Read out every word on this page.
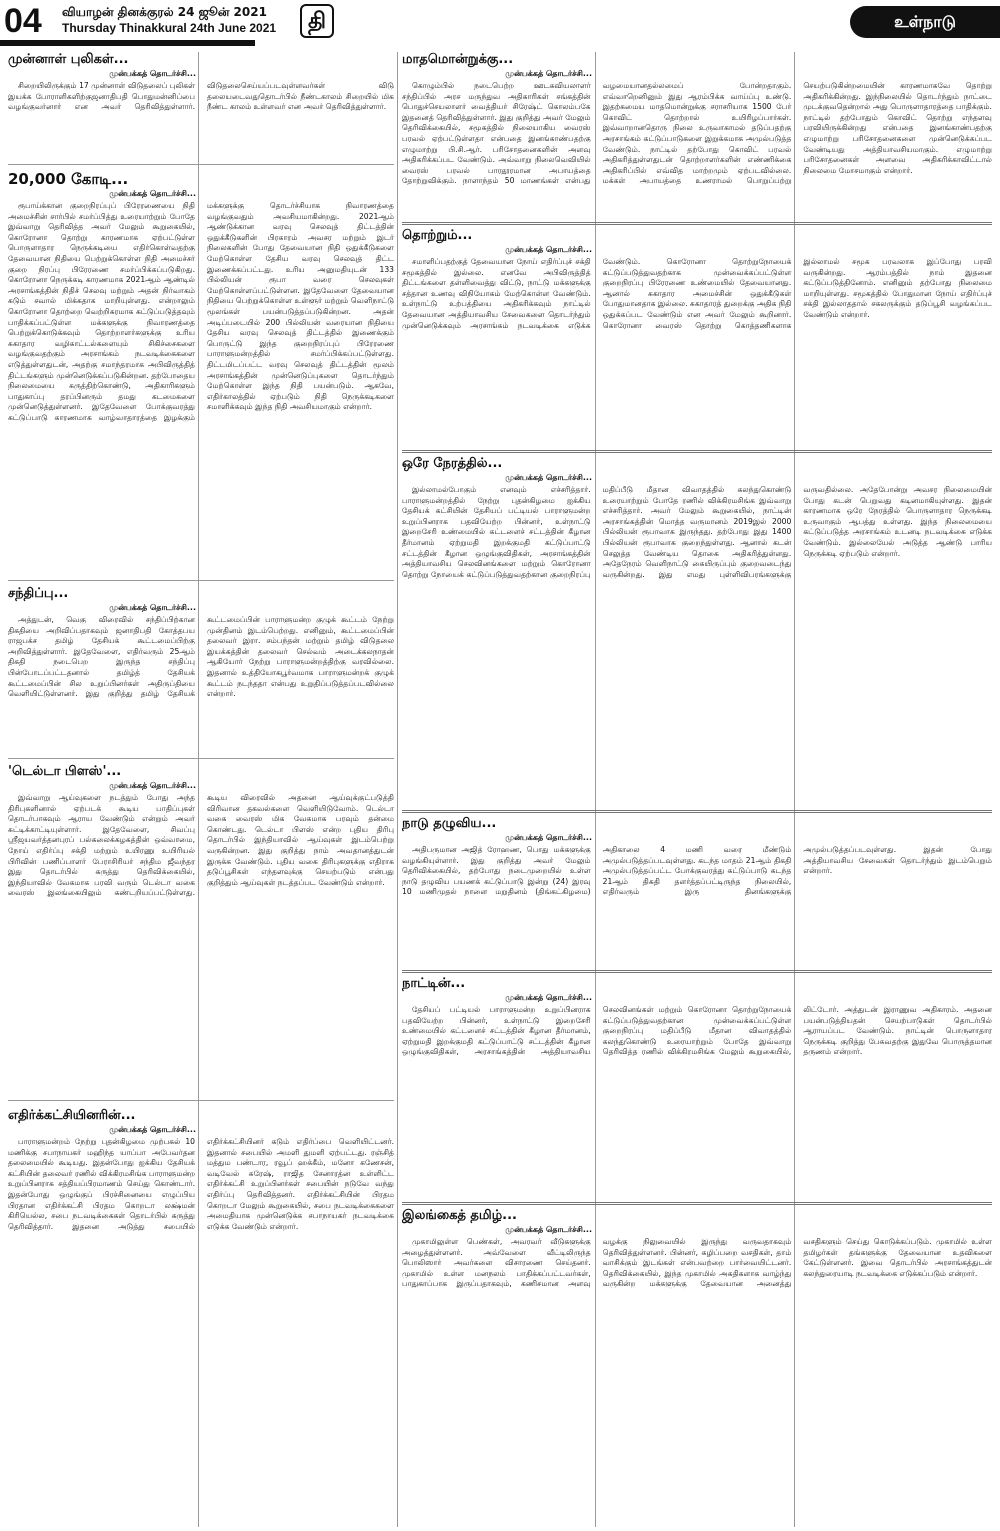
04 வியாழன் தினக்குரல் 24 ஜூன் 2021
Thursday Thinakkural 24th June 2021	தி	உள்நாடு
முன்னாள் புலிகள்...
முன்பக்கத் தொடர்ச்சி...
சிறையிலிருக்கும் 17 முன்னாள் விடுதலைப் புலிகள் இயக்க போராளிகளிற்குஜனாதிபதி பொதுமன்னிப்பை வழங்குவர்னார் என அவர் தெரிவித்துள்ளார். விடுதலைசெய்யப்படவுள்ளவர்கள் விடு தலையடைவதுதொடர்பில் நீண்டகாலம் சிறையில் மிக நீண்ட காலம் உள்ளவர் என அவர் தெரிவித்துள்ளார்.
20,000 கோடி...
முன்பக்கத் தொடர்ச்சி...
ரூபாய்க்கான குறைநிரப்புப் பிரேரணையை நிதி அமைச்சின் சார்பில் சமர்ப்பித்து உரையாற்றும் போதே இவ்வாறு தெரிவித்த அவர் மேலும் கூறுகையில், கொரோனா தொற்று காரணமாக ஏற்பட்டுள்ள பொருளாதார நெருக்கடியை எதிர்கொள்வதற்கு தேவையான நிதியை பெற்றுக்கொள்ள நிதி அமைச்சர் குறை நிரப்பு பிரேரணை சமர்ப்பிக்கப்படுகிறது. கொரோனா நெருக்கடி காரணமாக 2021ஆம் ஆண்டில் அரசாங்கத்தின் நிதிச் செலவு மற்றும் அதன் நிர்வாகம் கடும் சவால் மிக்கதாக மாறியுள்ளது. என்றாலும் கொரோனா தொற்றை வெற்றிகரமாக கட்டுப்படுத்தவும் பாதிக்கப்பட்டுள்ள மக்களுக்கு நிவாரணத்தை பெற்றுக்கொடுக்கவும் தொற்றாளர்களுக்கு உரிய சுகாதார வழிகாட்டல்களையும் சிகிச்சைகளை வழங்குவதற்கும் அரசாங்கம் நடவடிக்கைகளை எடுத்துள்ளதுடன், அதற்கு சமாந்தரமாக அபிவிருத்தித் திட்டங்களும் முன்னெடுக்கப்படுகின்றன. தற்போதைய நிலைமையை கருத்திற்கொண்டு, அதிகாரிகளும் பாதுகாப்பு தரப்பினரும் தமது கடமைகளை முன்னெடுத்துள்ளனர். இதேவேளை போக்குவரத்து கட்டுப்பாடு காரணமாக வாழ்வாதாரத்தை இழக்கும் மக்களுக்கு தொடர்ச்சியாக நிவாரணத்தை வழங்குவதும் அவசியமாகின்றது. 2021ஆம் ஆண்டுக்கான வரவு செலவுத் திட்டத்தின் ஒதுக்கீடுகளின் பிரகாரம் அவசர மற்றும் இடர் நிலைகளின் போது தேவையான நிதி ஒதுக்கீடுகளை மேற்கொள்ள தேசிய வரவு செலவுத் திட்ட இணைக்கப்பட்டது. உரிய அனுமதியுடன் 133 பில்லியன் ரூபா வரை செலவுகள் மேற்கொள்ளப்பட்டுள்ளன. இதேவேளை தேவையான நிதியை பெற்றுக்கொள்ள உள்ளூர் மற்றும் வெளிநாட்டு மூலங்கள் பயன்படுத்தப்படுகின்றன. அதன் அடிப்படையில் 200 பில்லியன் வரையான நிதியை தேசிய வரவு செலவுத் திட்டத்தில் இணைக்கும் பொருட்டு இந்த குறைநிரப்புப் பிரேரணை பாராளுமன்றத்தில் சமர்ப்பிக்கப்பட்டுள்ளது. திட்டமிடப்பட்ட வரவு செலவுத் திட்டத்தின் மூலம் அரசாங்கத்தின் முன்னெடுப்புகளை தொடர்ந்தும் மேற்கொள்ள இந்த நிதி பயன்படும். ஆகவே, எதிர்காலத்தில் ஏற்படும் நிதி நெருக்கடிகளை சமாளிக்கவும் இந்த நிதி அவசியமாகும் என்றார்.
சந்திப்பு...
முன்பக்கத் தொடர்ச்சி...
அத்துடன், வெகு விரைவில் சந்திப்பிற்கான திகதியை அறிவிப்பதாகவும் ஜனாதிபதி கோத்தபய ராஜபக்ச தமிழ் தேசியக் கூட்டமைப்பிற்கு அறிவித்துள்ளார். இதேவேளை, எதிர்வரும் 25ஆம் திகதி நடைபெற இருந்த சந்திப்பு பின்போடப்பட்டதனால் தமிழ்த் தேசியக் கூட்டமைப்பின் சில உறுப்பினர்கள் அதிருப்தியை வெளியிட்டுள்ளனர். இது குறித்து தமிழ் தேசியக் கூட்டமைப்பின் பாராளுமன்ற குழுக் கூட்டம் நேற்று முன்தினம் இடம்பெற்றது. எனினும், கூட்டமைப்பின் தலைவர் இரா. சம்பந்தன் மற்றும் தமிழ் விடுதலை இயக்கத்தின் தலைவர் செல்வம் அடைக்கலநாதன் ஆகியோர் நேற்று பாராளுமன்றத்திற்கு வரவில்லை. இதனால் உத்தியோகபூர்வமாக பாராளுமன்றக் குழுக் கூட்டம் நடந்ததா என்பது உறுதிப்படுத்தப்படவில்லை என்றார்.
'டெல்டா பிளஸ்'...
முன்பக்கத் தொடர்ச்சி...
இவ்வாறு ஆய்வுகளை நடத்தும் போது அந்த திரிபுகளினால் ஏற்படக் கூடிய பாதிப்புகள் தொடர்பாகவும் ஆராய வேண்டும் என்றும் அவர் சுட்டிக்காட்டியுள்ளார். இதேவேளை, சிவப்பு ஸ்ரீஜயவர்த்தனபுரப் பல்கலைக்கழகத்தின் ஒவ்வாமை, நோய் எதிர்ப்பு சக்தி மற்றும் உயிரணு உயிரியல் பிரிவின் பணிப்பாளர் பேராசிரியர் சந்திம ஜீவந்தர இது தொடர்பில் கருத்து தெரிவிக்கையில், இந்தியாவில் வேகமாக பரவி வரும் டெல்டா வகை வைரஸ் இலங்கையிலும் கண்டறியப்பட்டுள்ளது. கூடிய விரைவில் அதனை ஆய்வுக்குட்படுத்தி விரிவான தகவல்களை வெளியிடுவோம். டெல்டா வகை வைரஸ் மிக வேகமாக பரவும் தன்மை கொண்டது. டெல்டா பிளஸ் என்ற புதிய திரிபு தொடர்பில் இந்தியாவில் ஆய்வுகள் இடம்பெற்று வருகின்றன. இது குறித்து நாம் அவதானத்துடன் இருக்க வேண்டும். புதிய வகை திரிபுகளுக்கு எதிராக தடுப்பூசிகள் எந்தளவுக்கு செயற்படும் என்பது குறித்தும் ஆய்வுகள் நடத்தப்பட வேண்டும் என்றார்.
எதிர்க்கட்சியினரின்...
முன்பக்கத் தொடர்ச்சி...
பாராளுமன்றம் நேற்று புதன்கிழமை முற்பகல் 10 மணிக்கு சபாநாயகர் மஹிந்த யாப்பா அபேவர்தன தலைமையில் கூடியது. இதன்போது ஐக்கிய தேசியக் கட்சியின் தலைவர் ரணில் விக்கிரமசிங்க பாராளுமன்ற உறுப்பினராக சத்தியப்பிரமாணம் செய்து கொண்டார். இதன்போது ஒழுங்குப் பிரச்சினையை எழுப்பிய பிரதான எதிர்க்கட்சி பிரதம கொறடா லக்ஷ்மன் கிரியெல்ல, சபை நடவடிக்கைகள் தொடர்பில் கருத்து தெரிவித்தார். இதனை அடுத்து சபையில் எதிர்க்கட்சியினர் கடும் எதிர்ப்பை வெளியிட்டனர். இதனால் சபையில் அமளி துமளி ஏற்பட்டது. ரஞ்சித் மத்தும பண்டார, ரவூப் ஹக்கீம், மனோ கணேசன், வடிவேல் சுரேஷ், ராஜித சேனாரத்ன உள்ளிட்ட எதிர்க்கட்சி உறுப்பினர்கள் சபையின் நடுவே வந்து எதிர்ப்பு தெரிவித்தனர். எதிர்க்கட்சியின் பிரதம கொறடா மேலும் கூறுகையில், சபை நடவடிக்கைகளை அமைதியாக முன்னெடுக்க சபாநாயகர் நடவடிக்கை எடுக்க வேண்டும் என்றார்.
மாதமொன்றுக்கு...
முன்பக்கத் தொடர்ச்சி...
கொழும்பில் நடைபெற்ற ஊடகவியலாளர் சந்திப்பில் அரச மருந்துவ அதிகாரிகள் சங்கத்தின் பொதுச்செயலாளர் வைத்தியர் சிரேஷ்ட் கொலம்பகே இதனைத் தெரிவித்துள்ளார். இது குறித்து அவர் மேலும் தெரிவிக்கையில், சமூகத்தில் நிலையாகிய வைரஸ் பரவல் ஏற்பட்டுள்ளதா என்பதை இனங்காண்பதற்கு எழுமாற்று பி.சி.ஆர். பரிசோதனைகளின் அளவு அதிகரிக்கப்பட வேண்டும். அவ்வாறு நிலைவெவியில் வைரஸ் பரவல் பாரதூரமான அபாயத்தை தோற்றுவிக்கும். நாளாந்தம் 50 மாணங்கள் என்பது வழமையானதல்லமைப் போன்றதாகும். எவ்வாறெனினும் இது ஆரம்பிக்க வாய்ப்பு உண்டு. இதற்கமைய மாதமொன்றுக்கு சராசரியாக 1500 பேர் கொவிட் தொற்றால் உயிரிழப்பார்கள். இவ்வாறானதொரு நிலை உருவாகாமல் தடுப்பதற்கு அரசாங்கம் கட்டுப்பாடுகளை இறுக்கமாக அமுல்படுத்த வேண்டும். நாட்டில் தற்போது கொவிட் பரவல் அதிகரித்துள்ளதுடன் தொற்றாளர்களின் எண்ணிக்கை அதிகரிப்பில் எவ்வித மாற்றமும் ஏற்படவில்லை. மக்கள் அபாயத்தை உணராமல் பொறுப்பற்று செயற்படுகின்றமையின் காரணமாகவே தொற்று அதிகரிக்கின்றது. இந்நிலையில் தொடர்ந்தும் நாட்டை முடக்குவதென்றால் அது பொருளாதாரத்தை பாதிக்கும். நாட்டில் தற்போதும் கொவிட் தொற்று எந்தளவு பரவியிருக்கின்றது என்பதை இனங்காண்பதற்கு எழுமாற்று பரிசோதனைகளை முன்னெடுக்கப்பட வேண்டியது அத்தியாவசியமாகும். எழுமாற்று பரிசோதனைகள் அளவை அதிகரிக்காவிட்டால் நிலைமை மோசமாகும் என்றார்.
தொற்றும்...
முன்பக்கத் தொடர்ச்சி...
சமாளிப்பதற்குத் தேவையான நோய் எதிர்ப்புச் சக்தி சமூகத்தில் இல்லை. எனவே அபிவிருத்தித் திட்டங்களை தள்ளிவைத்து விட்டு, நாட்டு மக்களுக்கு சத்தான உணவு விநியோகம் மேற்கொள்ள வேண்டும். உள்நாட்டு உற்பத்தியை அதிகரிக்கவும் நாட்டில் தேவையான அத்தியாவசிய சேவைகளை தொடர்ந்தும் முன்னெடுக்கவும் அரசாங்கம் நடவடிக்கை எடுக்க வேண்டும். கொரோனா தொற்றுநோயைக் கட்டுப்படுத்துவதற்காக முன்வைக்கப்பட்டுள்ள குறைநிரப்பு பிரேரணை உண்மையில் தேவையானது. ஆனால் சுகாதார அமைச்சின் ஒதுக்கீடுகள் போதுமானதாக இல்லை. சுகாதாரத் துறைக்கு அதிக நிதி ஒதுக்கப்பட வேண்டும் என அவர் மேலும் கூறினார். கொரோனா வைரஸ் தொற்று கொத்தணிகளாக இல்லாமல் சமூக பரவலாக இப்போது பரவி வருகின்றது. ஆரம்பத்தில் நாம் இதனை கட்டுப்படுத்தினோம். எனினும் தற்போது நிலைமை மாறியுள்ளது. சமூகத்தில் போதுமான நோய் எதிர்ப்புச் சக்தி இல்லாததால் சகலருக்கும் தடுப்பூசி வழங்கப்பட வேண்டும் என்றார்.
ஒரே நேரத்தில்...
முன்பக்கத் தொடர்ச்சி...
இல்லாமல்போகும் எனவும் எச்சரித்தார். பாராளுமன்றத்தில் நேற்று புதன்கிழமை ஐக்கிய தேசியக் கட்சியின் தேசியப் பட்டியல் பாராளுமன்ற உறுப்பினராக பதவியேற்ற பின்னர், உள்நாட்டு இறைசேரி உண்மையில் கட்டளைச் சட்டத்தின் கீழான தீர்மானம் ஏற்றுமதி இறக்குமதி கட்டுப்பாட்டு சட்டத்தின் கீழான ஒழுங்குவிதிகள், அரசாங்கத்தின் அத்தியாவசிய செலவினங்களை மற்றும் கொரோனா தொற்று நோயைக் கட்டுப்படுத்துவதற்கான குறைநிரப்பு மதிப்பீடு மீதான விவாதத்தில் கலந்துகொண்டு உரையாற்றும் போதே ரணில் விக்கிரமசிங்க இவ்வாறு எச்சரித்தார். அவர் மேலும் கூறுகையில், நாட்டின் அரசாங்கத்தின் மொத்த வருமானம் 2019இல் 2000 பில்லியன் ரூபாவாக இருந்தது. தற்போது இது 1400 பில்லியன் ரூபாவாக குறைந்துள்ளது. ஆனால் கடன் செலுத்த வேண்டிய தொகை அதிகரித்துள்ளது. அதேநேரம் வெளிநாட்டு கையிருப்பும் குறைவடைந்து வருகின்றது. இது எமது புள்ளிவிபரங்களுக்கு வருவதில்லை. அதேபோன்று அவசர நிலைமையின் போது கடன் பெறுவது கடினமாகியுள்ளது. இதன் காரணமாக ஒரே நேரத்தில் பொருளாதார நெருக்கடி உருவாகும் ஆபத்து உள்ளது. இந்த நிலைமையை கட்டுப்படுத்த அரசாங்கம் உடனடி நடவடிக்கை எடுக்க வேண்டும். இல்லையேல் அடுத்த ஆண்டு பாரிய நெருக்கடி ஏற்படும் என்றார்.
நாடு தழுவிய...
முன்பக்கத் தொடர்ச்சி...
அதிபருமான அஜித் ரோஹண, பொது மக்களுக்கு வழங்கியுள்ளார். இது குறித்து அவர் மேலும் தெரிவிக்கையில், தற்போது நடைமுறையில் உள்ள நாடு தழுவிய பயணக் கட்டுப்பாடு இன்று (24) இரவு 10 மணிமுதல் நாளை மறுதினம் (திங்கட்கிழமை) அதிகாலை 4 மணி வரை மீண்டும் அமுல்படுத்தப்படவுள்ளது. கடந்த மாதம் 21ஆம் திகதி அமுல்படுத்தப்பட்ட போக்குவரத்து கட்டுப்பாடு கடந்த 21ஆம் திகதி தளர்த்தப்பட்டிருந்த நிலையில், எதிர்வரும் இரு தினங்களுக்கு அமுல்படுத்தப்படவுள்ளது. இதன் போது அத்தியாவசிய சேவைகள் தொடர்ந்தும் இடம்பெறும் என்றார்.
நாட்டின்...
முன்பக்கத் தொடர்ச்சி...
தேசியப் பட்டியல் பாராளுமன்ற உறுப்பினராக பதவியேற்ற பின்னர், உள்நாட்டு இறைசேரி உண்மையில் கட்டளைச் சட்டத்தின் கீழான தீர்மானம், ஏற்றுமதி இறக்குமதி கட்டுப்பாட்டு சட்டத்தின் கீழான ஒழுங்குவிதிகள், அரசாங்கத்தின் அத்தியாவசிய செலவினங்கள் மற்றும் கொரோனா தொற்றுநோயைக் கட்டுப்படுத்துவதற்கான முன்வைக்கப்பட்டுள்ள குறைநிரப்பு மதிப்பீடு மீதான விவாதத்தில் கலந்துகொண்டு உரையாற்றும் போதே இவ்வாறு தெரிவித்த ரணில் விக்கிரமசிங்க மேலும் கூறுகையில், லிட்டோர். அத்துடன் இராணுவ அதிகாரம். அதனை பயன்படுத்தியதன் செயற்பாடுகள் தொடர்பில் ஆராயப்பட வேண்டும். நாட்டின் பொருளாதார நெருக்கடி குறித்து பேசுவதற்கு இதுவே பொருத்தமான தருணம் என்றார்.
இலங்கைத் தமிழ்...
முன்பக்கத் தொடர்ச்சி...
முகாமிலுள்ள பெண்கள், அவரவர் வீடுகளுக்கு அழைத்துள்ளனர். அவ்வேளை வீட்டிலிருந்த பொலிஸார் அவர்களை விசாரணை செய்தனர். முகாமில் உள்ள மனநலம் பாதிக்கப்பட்டவர்கள், பாதுகாப்பாக இருப்பதாகவும், கணிசமான அளவு வழக்கு நிலுவையில் இருந்து வருவதாகவும் தெரிவித்துள்ளனர். பின்னர், கழிப்பறை வசதிகள், தாம் வாசிக்கும் இடங்கள் என்பவற்றை பார்வையிட்டனர். தெரிவிக்கையில், இந்த முகாமில் அகதிகளாக வாழ்ந்து வருகின்ற மக்களுக்கு தேவையான அனைத்து வசதிகளும் செய்து கொடுக்கப்படும். முகாமில் உள்ள தமிழர்கள் தங்களுக்கு தேவையான உதவிகளை கேட்டுள்ளனர். இவை தொடர்பில் அரசாங்கத்துடன் கலந்துரையாடி நடவடிக்கை எடுக்கப்படும் என்றார்.
